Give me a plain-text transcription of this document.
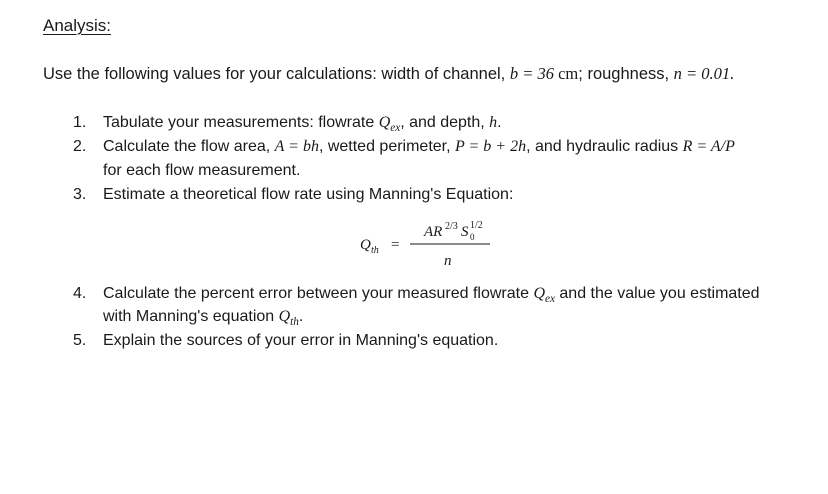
Analysis:
Use the following values for your calculations: width of channel, b = 36 cm; roughness, n = 0.01.
1. Tabulate your measurements: flowrate $Q_{ex}$, and depth, h.
2. Calculate the flow area, A = bh, wetted perimeter, P = b + 2h, and hydraulic radius R = A/P
for each flow measurement.
3. Estimate a theoretical flow rate using Manning's Equation:
Q th =
AR 2/3 S 1/2
0
n
4. Calculate the percent error between your measured flowrate $Q_{ex}$ and the value you estimated
with Manning's equation $Q_{th}$.
5. Explain the sources of your error in Manning's equation.
